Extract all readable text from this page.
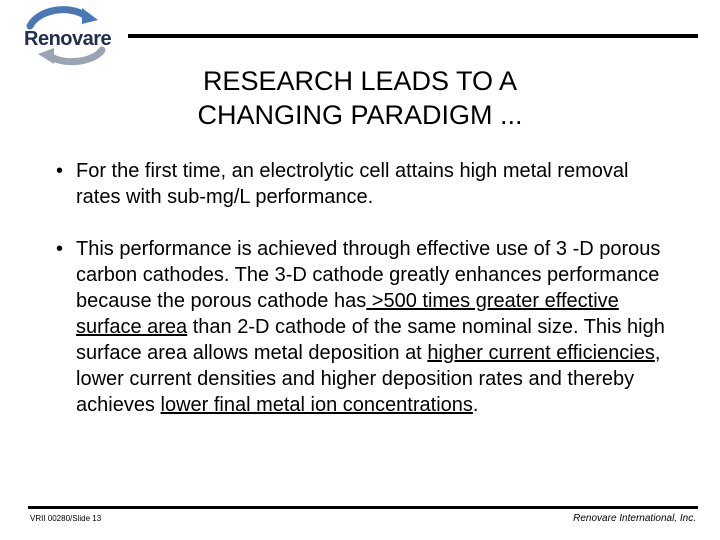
Renovare
RESEARCH LEADS TO A
CHANGING PARADIGM ...
• For the first time, an electrolytic cell attains high metal removal rates with sub-mg/L performance.
• This performance is achieved through effective use of 3 -D porous carbon cathodes. The 3-D cathode greatly enhances performance because the porous cathode has >500 times greater effective surface area than 2-D cathode of the same nominal size. This high surface area allows metal deposition at higher current efficiencies, lower current densities and higher deposition rates and thereby achieves lower final metal ion concentrations.
VRII 00280/Slide 13	Renovare International, Inc.
